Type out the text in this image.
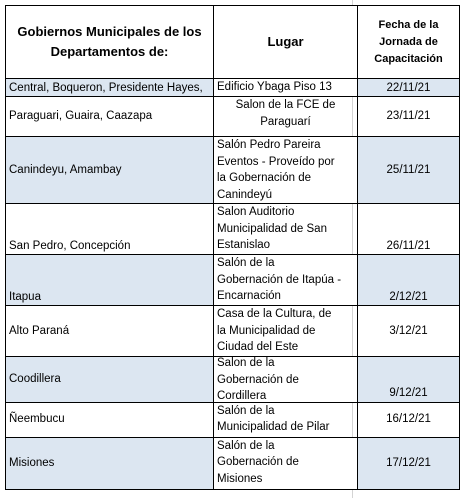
Gobiernos Municipales de los
Departamentos de:	Lugar	Fecha de la
Jornada de
Capacitación

Central, Boqueron, Presidente Hayes,	Edificio Ybaga Piso 13	22/11/21
Paraguari, Guaira, Caazapa	Salon de la FCE de
Paraguarí	23/11/21
Canindeyu, Amambay	Salón Pedro Pareira
Eventos - Proveído por
la Gobernación de
Canindeyú	25/11/21
San Pedro, Concepción	Salon Auditorio
Municipalidad de San
Estanislao	26/11/21
Itapua	Salón de la
Gobernación de Itapúa -
Encarnación	2/12/21
Alto Paraná	Casa de la Cultura, de
la Municipalidad de
Ciudad del Este	3/12/21
Coodillera	Salon de la
Gobernación de
Cordillera	9/12/21
Ñeembucu	Salón de la
Municipalidad de Pilar	16/12/21
Misiones	Salón de la
Gobernación de
Misiones	17/12/21
